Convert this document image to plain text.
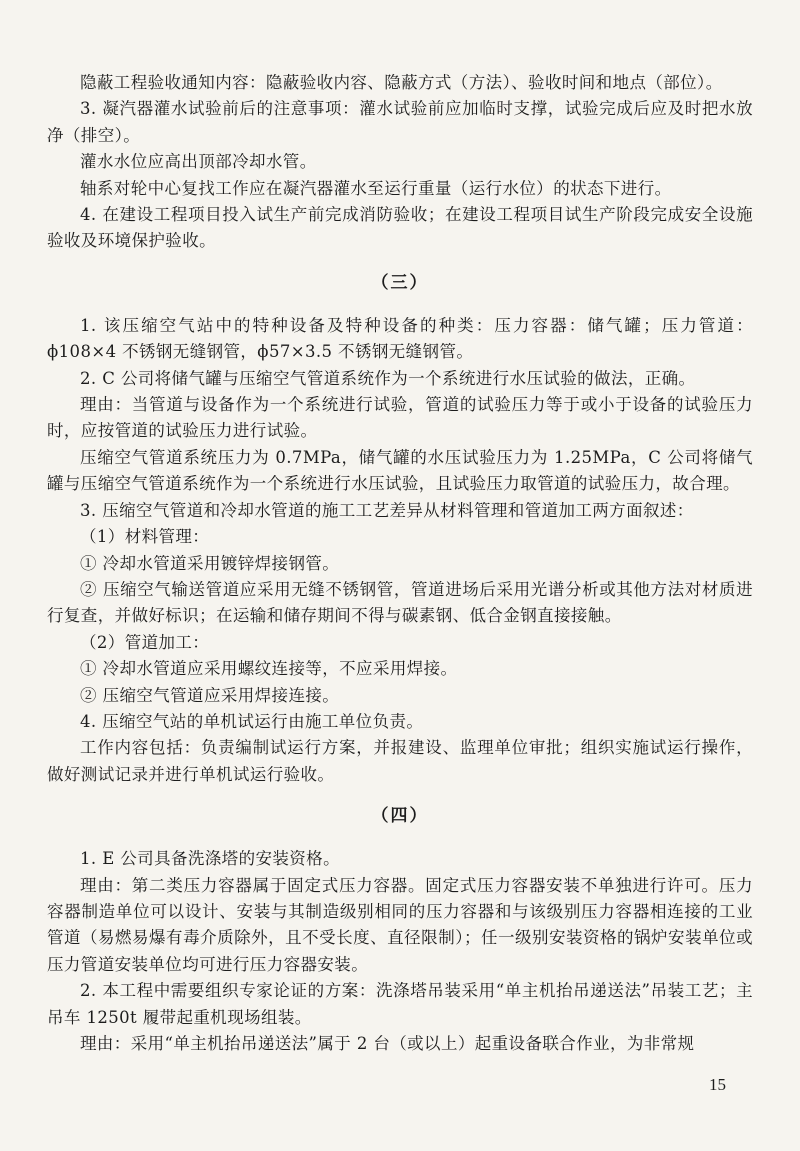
隐蔽工程验收通知内容：隐蔽验收内容、隐蔽方式（方法）、验收时间和地点（部位）。

3. 凝汽器灌水试验前后的注意事项：灌水试验前应加临时支撑，试验完成后应及时把水放净（排空）。

灌水水位应高出顶部冷却水管。

轴系对轮中心复找工作应在凝汽器灌水至运行重量（运行水位）的状态下进行。

4. 在建设工程项目投入试生产前完成消防验收；在建设工程项目试生产阶段完成安全设施验收及环境保护验收。

（三）

1. 该压缩空气站中的特种设备及特种设备的种类：压力容器：储气罐；压力管道：ϕ108×4 不锈钢无缝钢管，ϕ57×3.5 不锈钢无缝钢管。

2. C 公司将储气罐与压缩空气管道系统作为一个系统进行水压试验的做法，正确。

理由：当管道与设备作为一个系统进行试验，管道的试验压力等于或小于设备的试验压力时，应按管道的试验压力进行试验。

压缩空气管道系统压力为 0.7MPa，储气罐的水压试验压力为 1.25MPa，C 公司将储气罐与压缩空气管道系统作为一个系统进行水压试验，且试验压力取管道的试验压力，故合理。

3. 压缩空气管道和冷却水管道的施工工艺差异从材料管理和管道加工两方面叙述：

（1）材料管理：

① 冷却水管道采用镀锌焊接钢管。

② 压缩空气输送管道应采用无缝不锈钢管，管道进场后采用光谱分析或其他方法对材质进行复查，并做好标识；在运输和储存期间不得与碳素钢、低合金钢直接接触。

（2）管道加工：

① 冷却水管道应采用螺纹连接等，不应采用焊接。

② 压缩空气管道应采用焊接连接。

4. 压缩空气站的单机试运行由施工单位负责。

工作内容包括：负责编制试运行方案，并报建设、监理单位审批；组织实施试运行操作，做好测试记录并进行单机试运行验收。

（四）

1. E 公司具备洗涤塔的安装资格。

理由：第二类压力容器属于固定式压力容器。固定式压力容器安装不单独进行许可。压力容器制造单位可以设计、安装与其制造级别相同的压力容器和与该级别压力容器相连接的工业管道（易燃易爆有毒介质除外，且不受长度、直径限制）；任一级别安装资格的锅炉安装单位或压力管道安装单位均可进行压力容器安装。

2. 本工程中需要组织专家论证的方案：洗涤塔吊装采用“单主机抬吊递送法”吊装工艺；主吊车 1250t 履带起重机现场组装。

理由：采用“单主机抬吊递送法”属于 2 台（或以上）起重设备联合作业，为非常规

15
